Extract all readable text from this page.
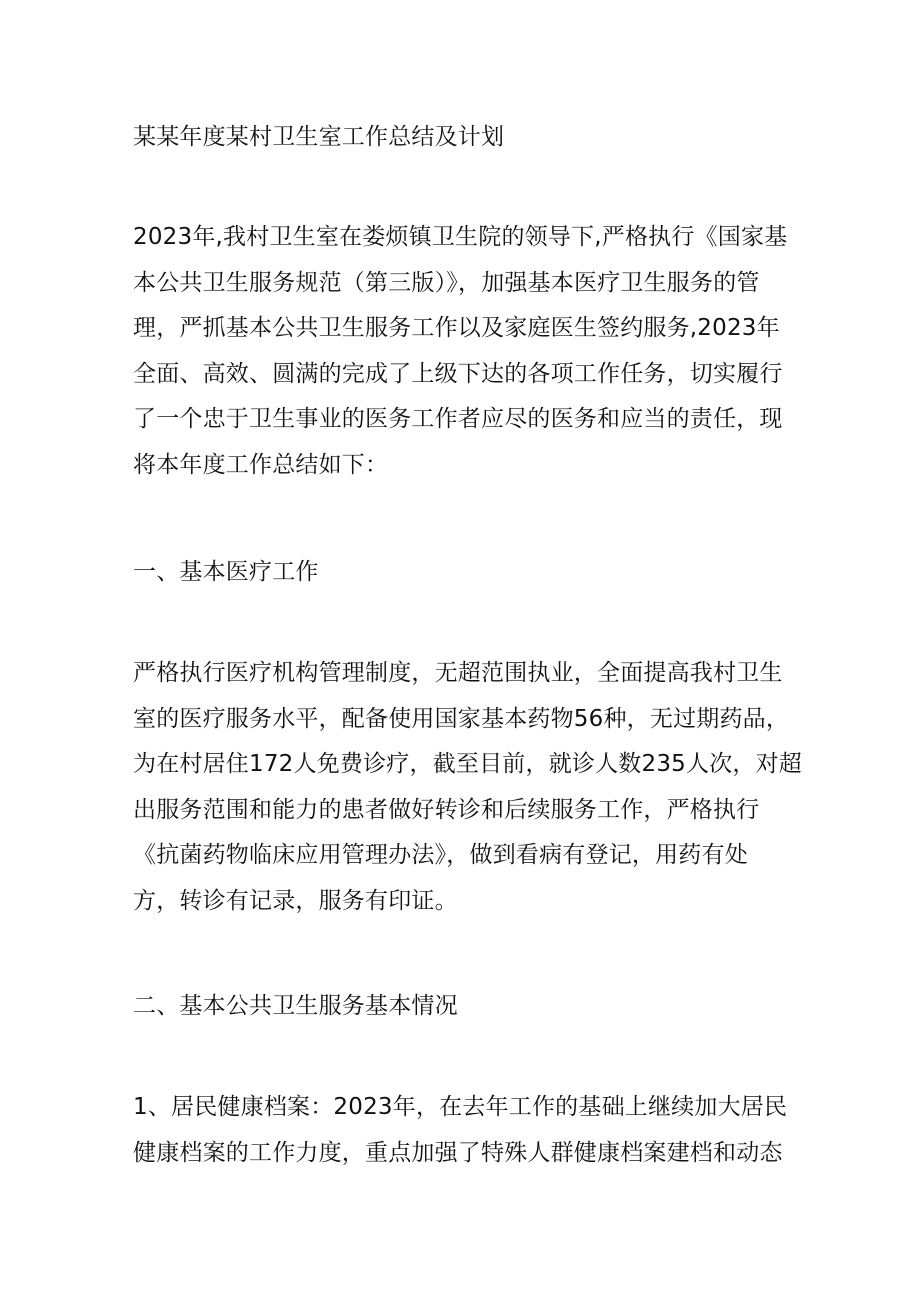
某某年度某村卫生室工作总结及计划

2023年,我村卫生室在娄烦镇卫生院的领导下,严格执行《国家基
本公共卫生服务规范（第三版）》，加强基本医疗卫生服务的管
理，严抓基本公共卫生服务工作以及家庭医生签约服务,2023年
全面、高效、圆满的完成了上级下达的各项工作任务，切实履行
了一个忠于卫生事业的医务工作者应尽的医务和应当的责任，现
将本年度工作总结如下：

一、基本医疗工作

严格执行医疗机构管理制度，无超范围执业，全面提高我村卫生
室的医疗服务水平，配备使用国家基本药物56种，无过期药品，
为在村居住172人免费诊疗，截至目前，就诊人数235人次，对超
出服务范围和能力的患者做好转诊和后续服务工作，严格执行
《抗菌药物临床应用管理办法》，做到看病有登记，用药有处
方，转诊有记录，服务有印证。

二、基本公共卫生服务基本情况

1、居民健康档案：2023年，在去年工作的基础上继续加大居民
健康档案的工作力度，重点加强了特殊人群健康档案建档和动态
